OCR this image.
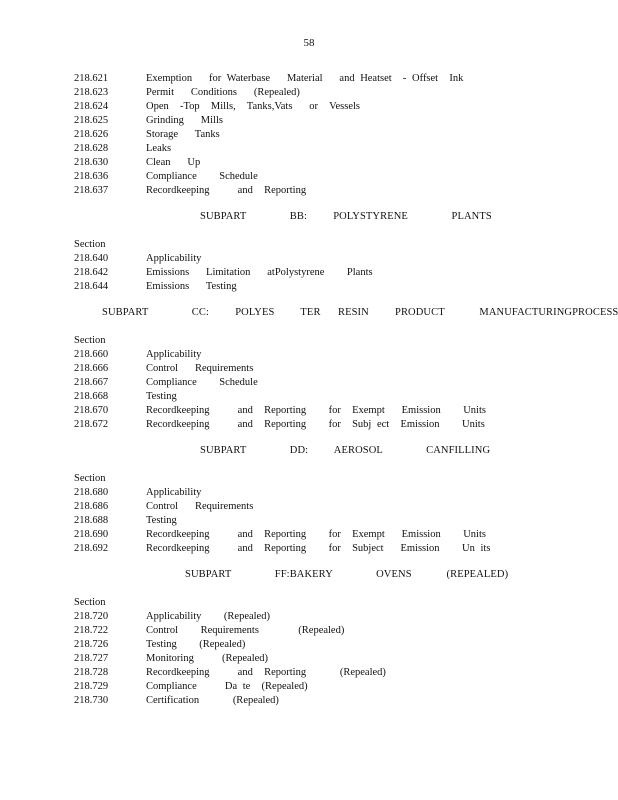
58
218.621	Exemption   for Waterbase   Material   and Heatset  - Offset  Ink
218.623	Permit   Conditions   (Repealed)
218.624	Open  -Top  Mills,  Tanks,Vats   or  Vessels
218.625	Grinding   Mills
218.626	Storage   Tanks
218.628	Leaks
218.630	Clean   Up
218.636	Compliance    Schedule
218.637	Recordkeeping     and  Reporting
SUBPART     BB:   POLYSTYRENE     PLANTS
Section
218.640	Applicability
218.642	Emissions   Limitation   atPolystyrene    Plants
218.644	Emissions   Testing
SUBPART     CC:   POLYES   TER  RESIN   PRODUCT    MANUFACTURINGPROCESS
Section
218.660	Applicability
218.666	Control   Requirements
218.667	Compliance    Schedule
218.668	Testing
218.670	Recordkeeping     and  Reporting    for  Exempt   Emission    Units
218.672	Recordkeeping     and  Reporting    for  Subj ect  Emission    Units
SUBPART     DD:   AEROSOL     CANFILLING
Section
218.680	Applicability
218.686	Control   Requirements
218.688	Testing
218.690	Recordkeeping     and  Reporting    for  Exempt   Emission    Units
218.692	Recordkeeping     and  Reporting    for  Subject   Emission    Un its
SUBPART     FF:BAKERY     OVENS    (REPEALED)
Section
218.720	Applicability    (Repealed)
218.722	Control    Requirements       (Repealed)
218.726	Testing    (Repealed)
218.727	Monitoring     (Repealed)
218.728	Recordkeeping     and  Reporting      (Repealed)
218.729	Compliance     Da te  (Repealed)
218.730	Certification      (Repealed)
